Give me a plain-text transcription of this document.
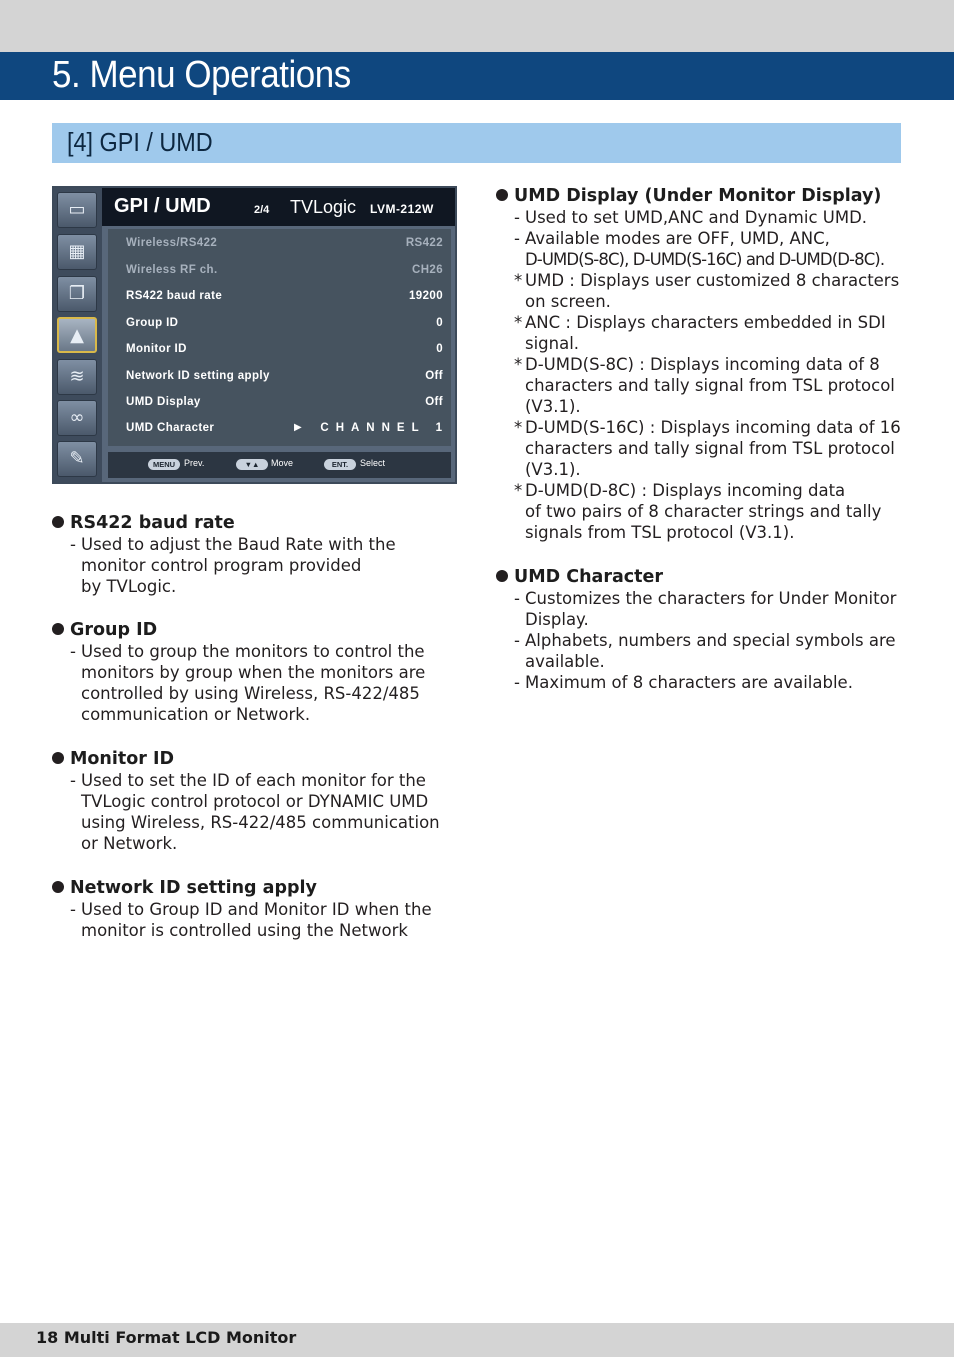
5. Menu Operations
[4] GPI / UMD
▭
▦
❐
▲
≋
∞
✎
GPI / UMD	2/4 TVLogic LVM-212W
Wireless/RS422	RS422
Wireless RF ch.	CH26
RS422 baud rate	19200
Group ID	0
Monitor ID	0
Network ID setting apply	Off
UMD Display	Off
UMD Character	▶ CHANNEL 1
MENU Prev.	▼▲	Move	ENT.	Select
RS422 baud rate
- Used to adjust the Baud Rate with the
monitor control program provided
by TVLogic.
Group ID
- Used to group the monitors to control the
monitors by group when the monitors are
controlled by using Wireless, RS-422/485
communication or Network.
Monitor ID
- Used to set the ID of each monitor for the
TVLogic control protocol or DYNAMIC UMD
using Wireless, RS-422/485 communication
or Network.
Network ID setting apply
- Used to Group ID and Monitor ID when the
monitor is controlled using the Network
UMD Display (Under Monitor Display)
- Used to set UMD,ANC and Dynamic UMD.
- Available modes are OFF, UMD, ANC,
D-UMD(S-8C), D-UMD(S-16C) and D-UMD(D-8C).
* UMD : Displays user customized 8 characters
on screen.
* ANC : Displays characters embedded in SDI
signal.
* D-UMD(S-8C) : Displays incoming data of 8
characters and tally signal from TSL protocol
(V3.1).
* D-UMD(S-16C) : Displays incoming data of 16
characters and tally signal from TSL protocol
(V3.1).
* D-UMD(D-8C) : Displays incoming data
of two pairs of 8 character strings and tally
signals from TSL protocol (V3.1).
UMD Character
- Customizes the characters for Under Monitor
Display.
- Alphabets, numbers and special symbols are
available.
- Maximum of 8 characters are available.
18 Multi Format LCD Monitor
